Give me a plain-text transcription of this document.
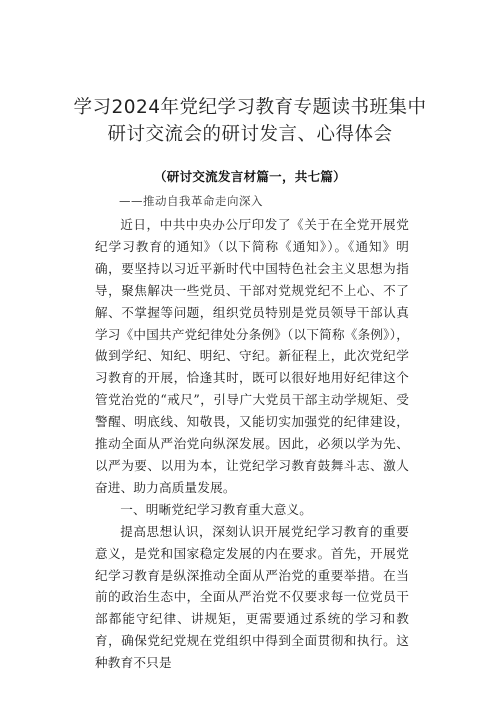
学习2024年党纪学习教育专题读书班集中研讨交流会的研讨发言、心得体会
（研讨交流发言材篇一，共七篇）
——推动自我革命走向深入

近日，中共中央办公厅印发了《关于在全党开展党纪学习教育的通知》（以下简称《通知》）。《通知》明确，要坚持以习近平新时代中国特色社会主义思想为指导，聚焦解决一些党员、干部对党规党纪不上心、不了解、不掌握等问题，组织党员特别是党员领导干部认真学习《中国共产党纪律处分条例》（以下简称《条例》），做到学纪、知纪、明纪、守纪。新征程上，此次党纪学习教育的开展，恰逢其时，既可以很好地用好纪律这个管党治党的“戒尺”，引导广大党员干部主动学规矩、受警醒、明底线、知敬畏，又能切实加强党的纪律建设，推动全面从严治党向纵深发展。因此，必须以学为先、以严为要、以用为本，让党纪学习教育鼓舞斗志、激人奋进、助力高质量发展。

一、明晰党纪学习教育重大意义。

提高思想认识，深刻认识开展党纪学习教育的重要意义，是党和国家稳定发展的内在要求。首先，开展党纪学习教育是纵深推动全面从严治党的重要举措。在当前的政治生态中，全面从严治党不仅要求每一位党员干部都能守纪律、讲规矩，更需要通过系统的学习和教育，确保党纪党规在党组织中得到全面贯彻和执行。这种教育不只是
